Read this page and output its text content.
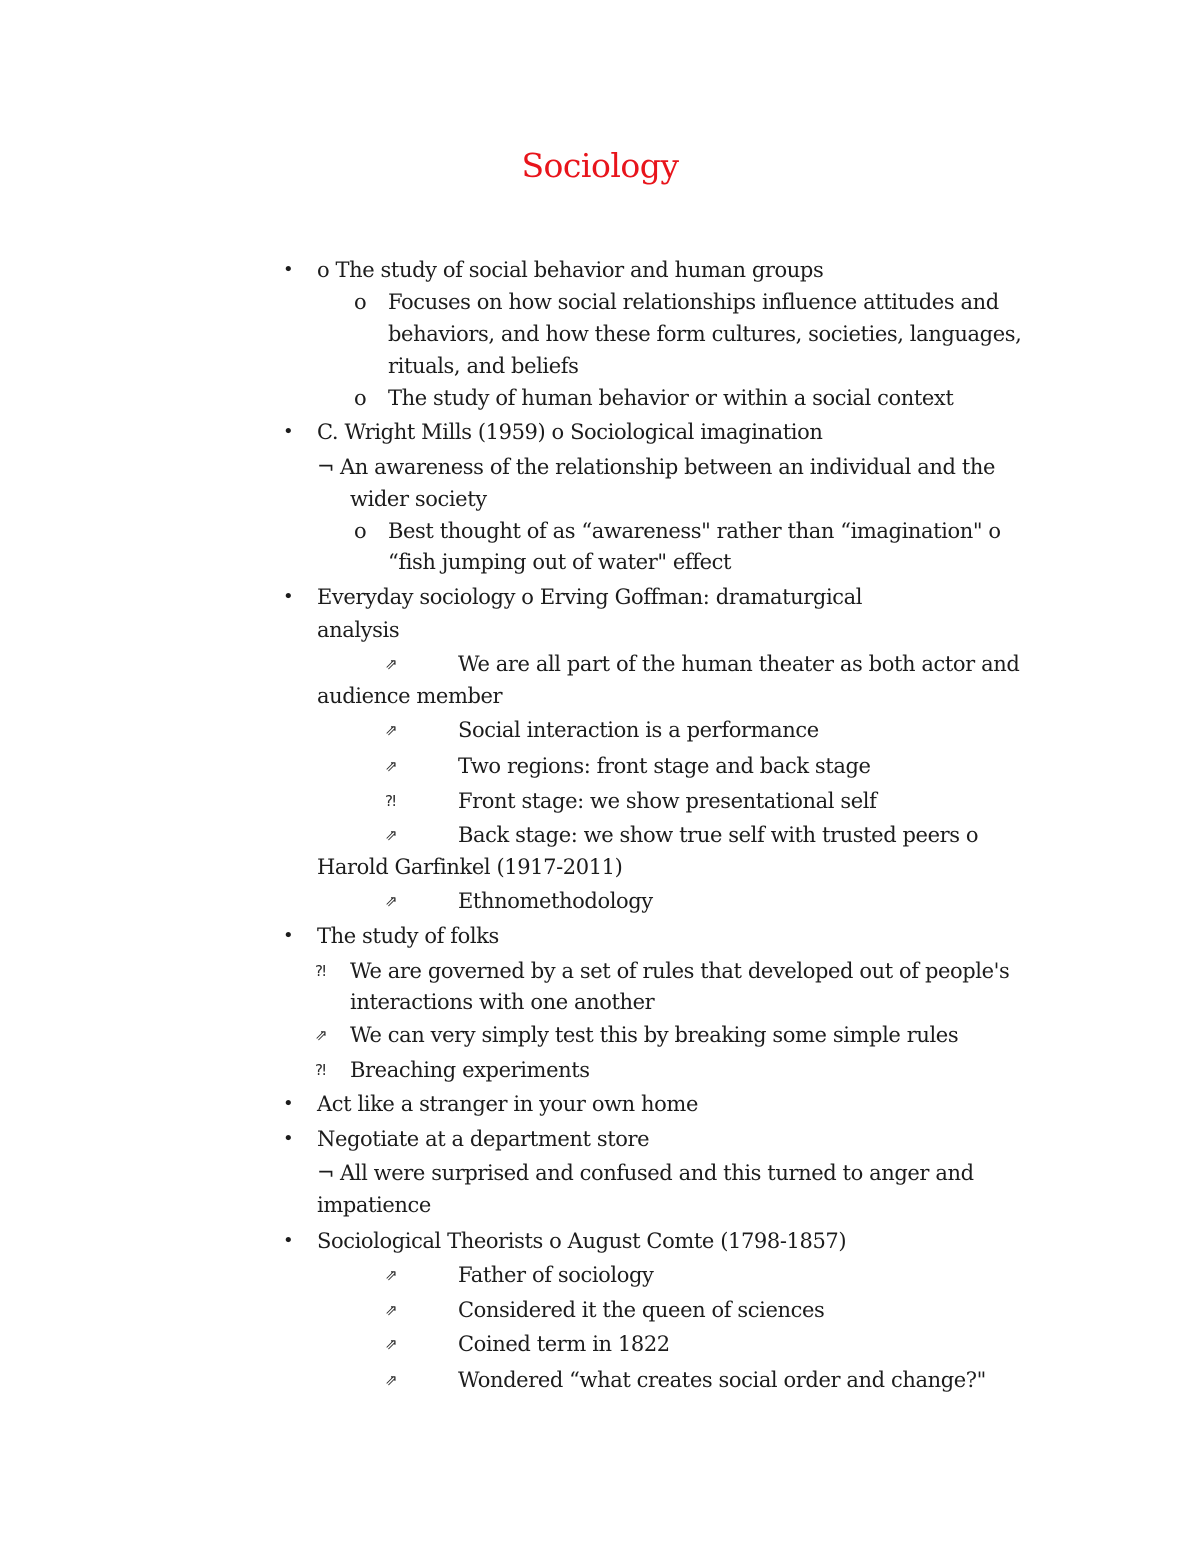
Sociology
• o The study of social behavior and human groups
o Focuses on how social relationships influence attitudes and
behaviors, and how these form cultures, societies, languages,
rituals, and beliefs
o The study of human behavior or within a social context
• C. Wright Mills (1959) o Sociological imagination
¬ An awareness of the relationship between an individual and the
wider society
o Best thought of as “awareness" rather than “imagination" o
“fish jumping out of water" effect
• Everyday sociology o Erving Goffman: dramaturgical
analysis
⇗	We are all part of the human theater as both actor and
audience member
⇗	Social interaction is a performance
⇗	Two regions: front stage and back stage
⁈	Front stage: we show presentational self
⇗	Back stage: we show true self with trusted peers o
Harold Garfinkel (1917-2011)
⇗	Ethnomethodology
• The study of folks
⁈ We are governed by a set of rules that developed out of people's
interactions with one another
⇗ We can very simply test this by breaking some simple rules
⁈ Breaching experiments
• Act like a stranger in your own home
• Negotiate at a department store
¬ All were surprised and confused and this turned to anger and
impatience
• Sociological Theorists o August Comte (1798-1857)
⇗	Father of sociology
⇗	Considered it the queen of sciences
⇗	Coined term in 1822
⇗	Wondered “what creates social order and change?"
